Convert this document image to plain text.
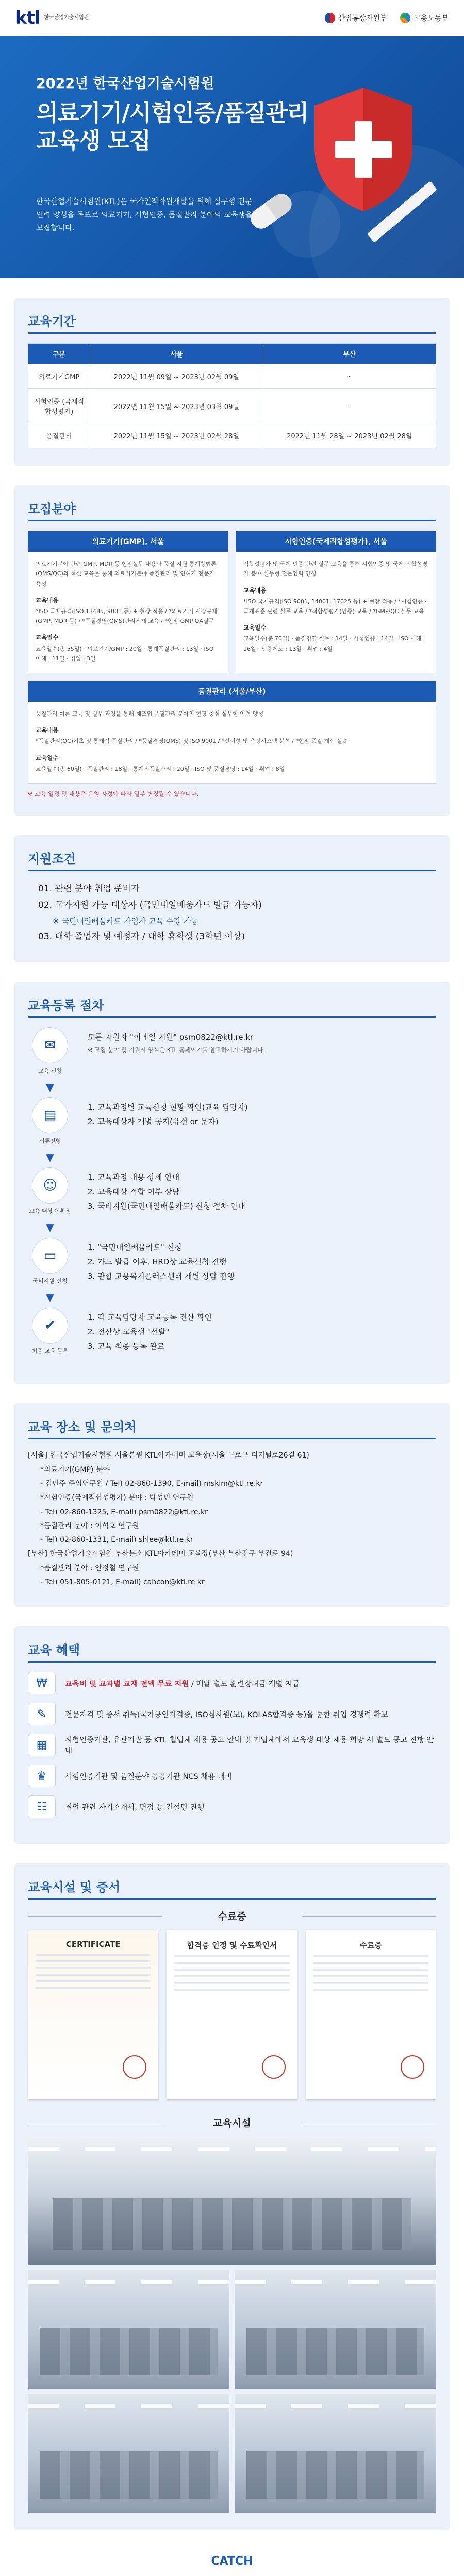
ktl 한국산업기술시험원	산업통상자원부	고용노동부
2022년 한국산업기술시험원
의료기기/시험인증/품질관리
교육생 모집
한국산업기술시험원(KTL)은 국가인적자원개발을 위해 실무형 전문인력 양성을 목표로 의료기기, 시험인증, 품질관리 분야의 교육생을 모집합니다.
교육기간
구분	서울	부산
의료기기GMP	2022년 11월 09일 ~ 2023년 02월 09일	-
시험인증 (국제적합성평가)	2022년 11월 15일 ~ 2023년 03월 09일	-
품질관리	2022년 11월 15일 ~ 2023년 02월 28일	2022년 11월 28일 ~ 2023년 02월 28일
모집분야
의료기기(GMP), 서울
의료기기분야 관련 GMP, MDR 등 현장실무 내용과 품질 지원 통계방법론(QMS/QC)와 혁신 교육을 통해 의료기기분야 품질관리 및 인허가 전문가 육성
교육내용
*ISO 국제규격(ISO 13485, 9001 등) + 현장 적용 / *의료기기 시장규제(GMP, MDR 등) / *품질경영(QMS)관리체계 교육 / *현장 GMP QA실무
교육일수
교육일수(총 55일) · 의료기기/GMP : 20일 · 통계품질관리 : 13일 · ISO 이해 : 11일 · 취업 : 3일
시험인증(국제적합성평가), 서울
적합성평가 및 국제 인증 관련 실무 교육을 통해 시험인증 및 국제 적합성평가 분야 실무형 전문인력 양성
교육내용
*ISO 국제규격(ISO 9001, 14001, 17025 등) + 현장 적용 / *시험인증 · 국제표준 관련 실무 교육 / *적합성평가(인증) 교육 / *GMP/QC 실무 교육
교육일수
교육일수(총 70일) · 품질경영 실무 : 14일 · 시험인증 : 14일 · ISO 이해 : 16일 · 인증제도 : 13일 · 취업 : 4일
품질관리 (서울/부산)
품질관리 이론 교육 및 실무 과정을 통해 제조업 품질관리 분야의 현장 중심 실무형 인력 양성
교육내용
*품질관리(QC)기초 및 통계적 품질관리 / *품질경영(QMS) 및 ISO 9001 / *신뢰성 및 측정시스템 분석 / *현장 품질 개선 실습
교육일수
교육일수(총 60일) · 품질관리 : 18일 · 통계적품질관리 : 20일 · ISO 및 품질경영 : 14일 · 취업 : 8일
※ 교육 일정 및 내용은 운영 사정에 따라 일부 변경될 수 있습니다.
지원조건
01. 관련 분야 취업 준비자
02. 국가지원 가능 대상자 (국민내일배움카드 발급 가능자)
※ 국민내일배움카드 가입자 교육 수강 가능
03. 대학 졸업자 및 예정자 / 대학 휴학생 (3학년 이상)
교육등록 절차
✉
교육 신청
모든 지원자 "이메일 지원" psm0822@ktl.re.kr
※ 모집 분야 및 지원서 양식은 KTL 홈페이지를 참고하시기 바랍니다.
▼
▤
서류전형
1. 교육과정별 교육신청 현황 확인(교육 담당자)
2. 교육대상자 개별 공지(유선 or 문자)
▼
☺
교육 대상자 확정
1. 교육과정 내용 상세 안내
2. 교육대상 적합 여부 상담
3. 국비지원(국민내일배움카드) 신청 절차 안내
▼
▭
국비지원 신청
1. "국민내일배움카드" 신청
2. 카드 발급 이후, HRD상 교육신청 진행
3. 관할 고용복지플러스센터 개별 상담 진행
▼
✔
최종 교육 등록
1. 각 교육담당자 교육등록 전산 확인
2. 전산상 교육생 "선발"
3. 교육 최종 등록 완료
교육 장소 및 문의처
[서울] 한국산업기술시험원 서울분원 KTL아카데미 교육장(서울 구로구 디지털로26길 61)
*의료기기(GMP) 분야
- 김민주 주임연구원 / Tel) 02-860-1390, E-mail) mskim@ktl.re.kr
*시험인증(국제적합성평가) 분야 : 박성민 연구원
- Tel) 02-860-1325, E-mail) psm0822@ktl.re.kr
*품질관리 분야 : 이석호 연구원
- Tel) 02-860-1331, E-mail) shlee@ktl.re.kr
[부산] 한국산업기술시험원 부산분소 KTL아카데미 교육장(부산 부산진구 부전로 94)
*품질관리 분야 : 안정철 연구원
- Tel) 051-805-0121, E-mail) cahcon@ktl.re.kr
교육 혜택
₩	교육비 및 교과별 교재 전액 무료 지원 / 매달 별도 훈련장려금 개별 지급
✎	전문자격 및 증서 취득(국가공인자격증, ISO심사원(보), KOLAS합격증 등)을 통한 취업 경쟁력 확보
▦	시험인증기관, 유관기관 등 KTL 협업체 채용 공고 안내 및 기업체에서 교육생 대상 채용 희망 시 별도 공고 진행 안내
♛	시험인증기관 및 품질분야 공공기관 NCS 채용 대비
☷	취업 관련 자기소개서, 면접 등 컨설팅 진행
교육시설 및 증서
수료증
CERTIFICATE	합격증 인정 및 수료확인서	수료증
교육시설
CATCH
